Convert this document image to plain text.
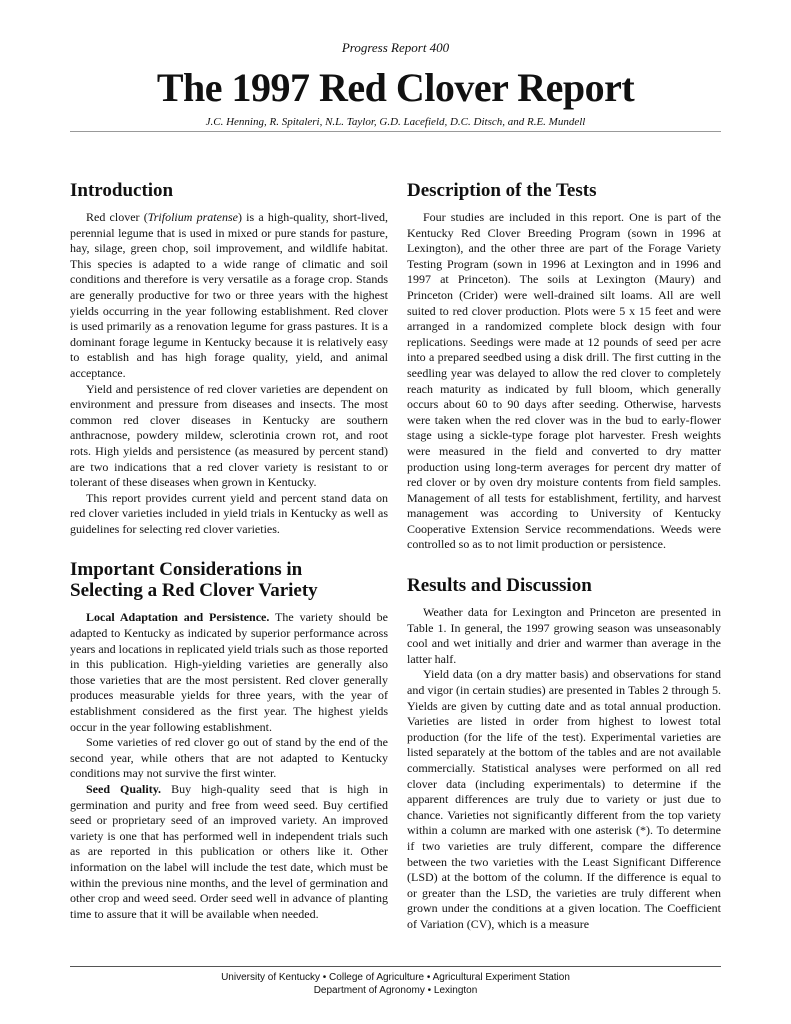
Progress Report 400
The 1997 Red Clover Report
J.C. Henning, R. Spitaleri, N.L. Taylor, G.D. Lacefield, D.C. Ditsch, and R.E. Mundell
Introduction

Red clover (Trifolium pratense) is a high-quality, short-lived, perennial legume that is used in mixed or pure stands for pasture, hay, silage, green chop, soil improvement, and wildlife habitat. This species is adapted to a wide range of climatic and soil conditions and therefore is very versatile as a forage crop. Stands are generally productive for two or three years with the highest yields occurring in the year following establishment. Red clover is used primarily as a renovation legume for grass pastures. It is a dominant forage legume in Kentucky because it is relatively easy to establish and has high forage quality, yield, and animal acceptance.

Yield and persistence of red clover varieties are dependent on environment and pressure from diseases and insects. The most common red clover diseases in Kentucky are southern anthracnose, powdery mildew, sclerotinia crown rot, and root rots. High yields and persistence (as measured by percent stand) are two indications that a red clover variety is resistant to or tolerant of these diseases when grown in Kentucky.

This report provides current yield and percent stand data on red clover varieties included in yield trials in Kentucky as well as guidelines for selecting red clover varieties.

Important Considerations in
Selecting a Red Clover Variety

Local Adaptation and Persistence. The variety should be adapted to Kentucky as indicated by superior performance across years and locations in replicated yield trials such as those reported in this publication. High-yielding varieties are generally also those varieties that are the most persistent. Red clover generally produces measurable yields for three years, with the year of establishment considered as the first year. The highest yields occur in the year following establishment.

Some varieties of red clover go out of stand by the end of the second year, while others that are not adapted to Kentucky conditions may not survive the first winter.

Seed Quality. Buy high-quality seed that is high in germination and purity and free from weed seed. Buy certified seed or proprietary seed of an improved variety. An improved variety is one that has performed well in independent trials such as are reported in this publication or others like it. Other information on the label will include the test date, which must be within the previous nine months, and the level of germination and other crop and weed seed. Order seed well in advance of planting time to assure that it will be available when needed.

Description of the Tests

Four studies are included in this report. One is part of the Kentucky Red Clover Breeding Program (sown in 1996 at Lexington), and the other three are part of the Forage Variety Testing Program (sown in 1996 at Lexington and in 1996 and 1997 at Princeton). The soils at Lexington (Maury) and Princeton (Crider) were well-drained silt loams. All are well suited to red clover production. Plots were 5 x 15 feet and were arranged in a randomized complete block design with four replications. Seedings were made at 12 pounds of seed per acre into a prepared seedbed using a disk drill. The first cutting in the seedling year was delayed to allow the red clover to completely reach maturity as indicated by full bloom, which generally occurs about 60 to 90 days after seeding. Otherwise, harvests were taken when the red clover was in the bud to early-flower stage using a sickle-type forage plot harvester. Fresh weights were measured in the field and converted to dry matter production using long-term averages for percent dry matter of red clover or by oven dry moisture contents from field samples. Management of all tests for establishment, fertility, and harvest management was according to University of Kentucky Cooperative Extension Service recommendations. Weeds were controlled so as to not limit production or persistence.

Results and Discussion

Weather data for Lexington and Princeton are presented in Table 1. In general, the 1997 growing season was unseasonably cool and wet initially and drier and warmer than average in the latter half.

Yield data (on a dry matter basis) and observations for stand and vigor (in certain studies) are presented in Tables 2 through 5. Yields are given by cutting date and as total annual production. Varieties are listed in order from highest to lowest total production (for the life of the test). Experimental varieties are listed separately at the bottom of the tables and are not available commercially. Statistical analyses were performed on all red clover data (including experimentals) to determine if the apparent differences are truly due to variety or just due to chance. Varieties not significantly different from the top variety within a column are marked with one asterisk (*). To determine if two varieties are truly different, compare the difference between the two varieties with the Least Significant Difference (LSD) at the bottom of the column. If the difference is equal to or greater than the LSD, the varieties are truly different when grown under the conditions at a given location. The Coefficient of Variation (CV), which is a measure

University of Kentucky • College of Agriculture • Agricultural Experiment Station
Department of Agronomy • Lexington
